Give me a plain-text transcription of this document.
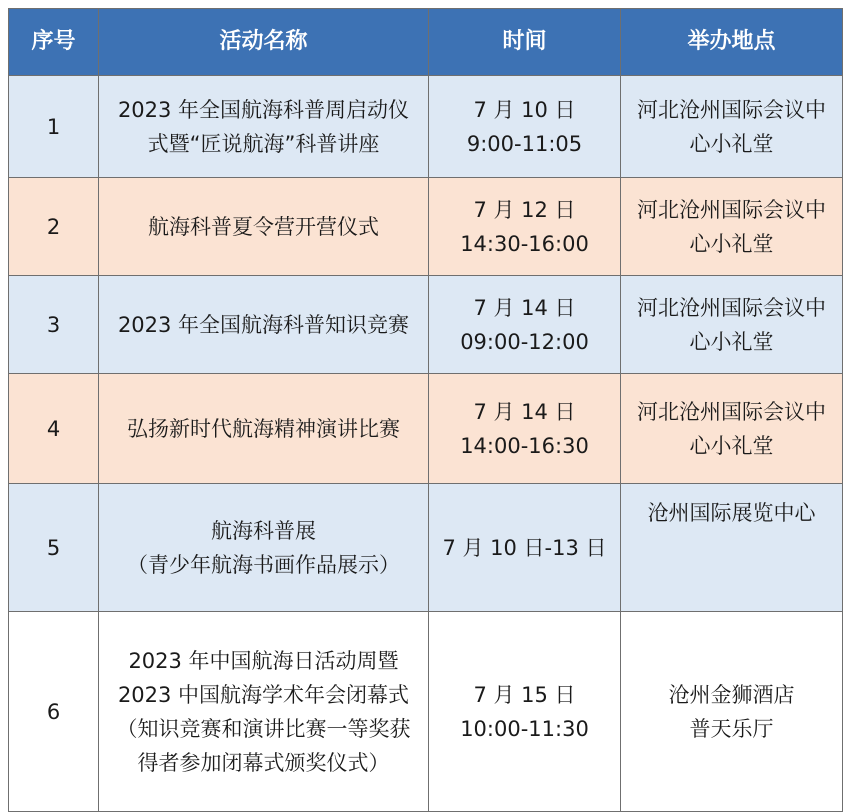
序号	活动名称	时间	举办地点
1	2023 年全国航海科普周启动仪
式暨“匠说航海”科普讲座	7 月 10 日
9:00-11:05	河北沧州国际会议中
心小礼堂

2	航海科普夏令营开营仪式	7 月 12 日
14:30-16:00	河北沧州国际会议中
心小礼堂

3	2023 年全国航海科普知识竞赛	7 月 14 日
09:00-12:00	河北沧州国际会议中
心小礼堂

4	弘扬新时代航海精神演讲比赛	7 月 14 日
14:00-16:30	河北沧州国际会议中
心小礼堂

5	航海科普展
（青少年航海书画作品展示）	7 月 10 日-13 日	沧州国际展览中心

6	2023 年中国航海日活动周暨
2023 中国航海学术年会闭幕式
（知识竞赛和演讲比赛一等奖获
得者参加闭幕式颁奖仪式）	7 月 15 日
10:00-11:30	沧州金狮酒店
普天乐厅
